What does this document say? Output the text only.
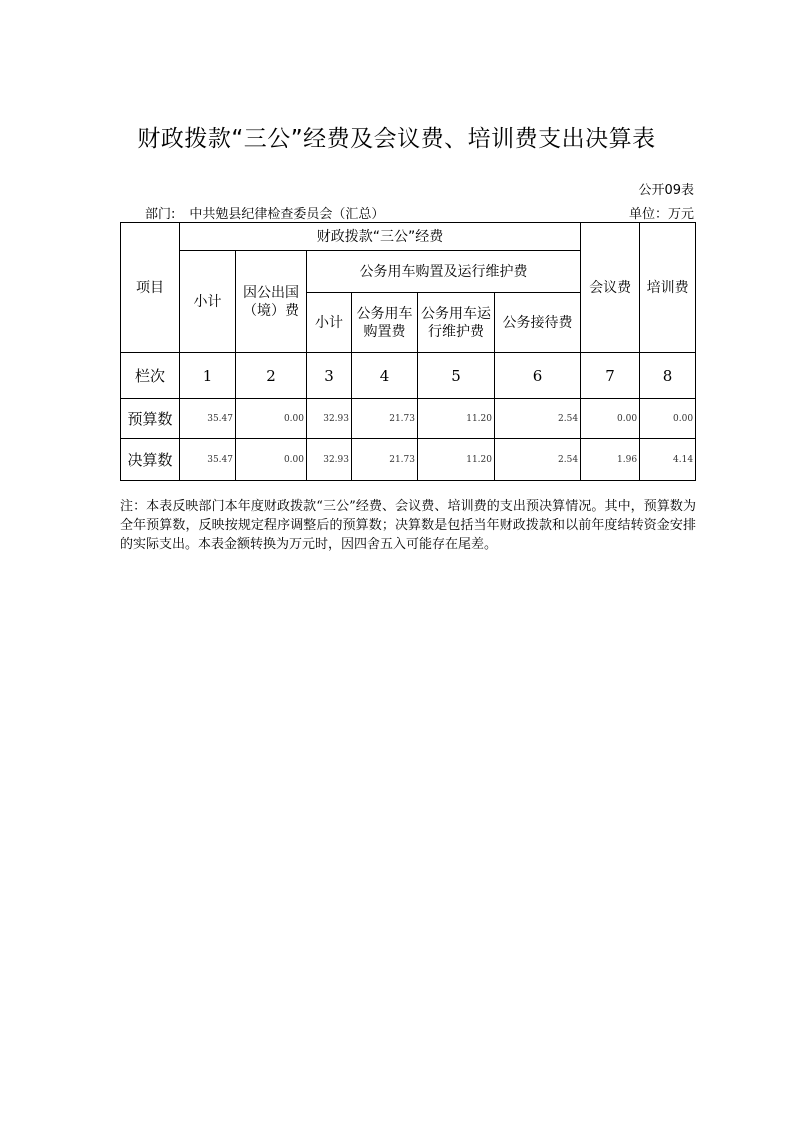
财政拨款“三公”经费及会议费、培训费支出决算表
公开09表
部门: 中共勉县纪律检查委员会（汇总）	单位：万元
项目	财政拨款“三公”经费						会议费	培训费
	小计	因公出国（境）费	公务用车购置及运行维护费					
			小计	公务用车购置费	公务用车运行维护费	公务接待费		

栏次	1	2	3	4	5	6	7	8
预算数	35.47	0.00	32.93	21.73	11.20	2.54	0.00	0.00
决算数	35.47	0.00	32.93	21.73	11.20	2.54	1.96	4.14
注：本表反映部门本年度财政拨款“三公”经费、会议费、培训费的支出预决算情况。其中，预算数为全年预算数，反映按规定程序调整后的预算数；决算数是包括当年财政拨款和以前年度结转资金安排的实际支出。本表金额转换为万元时，因四舍五入可能存在尾差。
